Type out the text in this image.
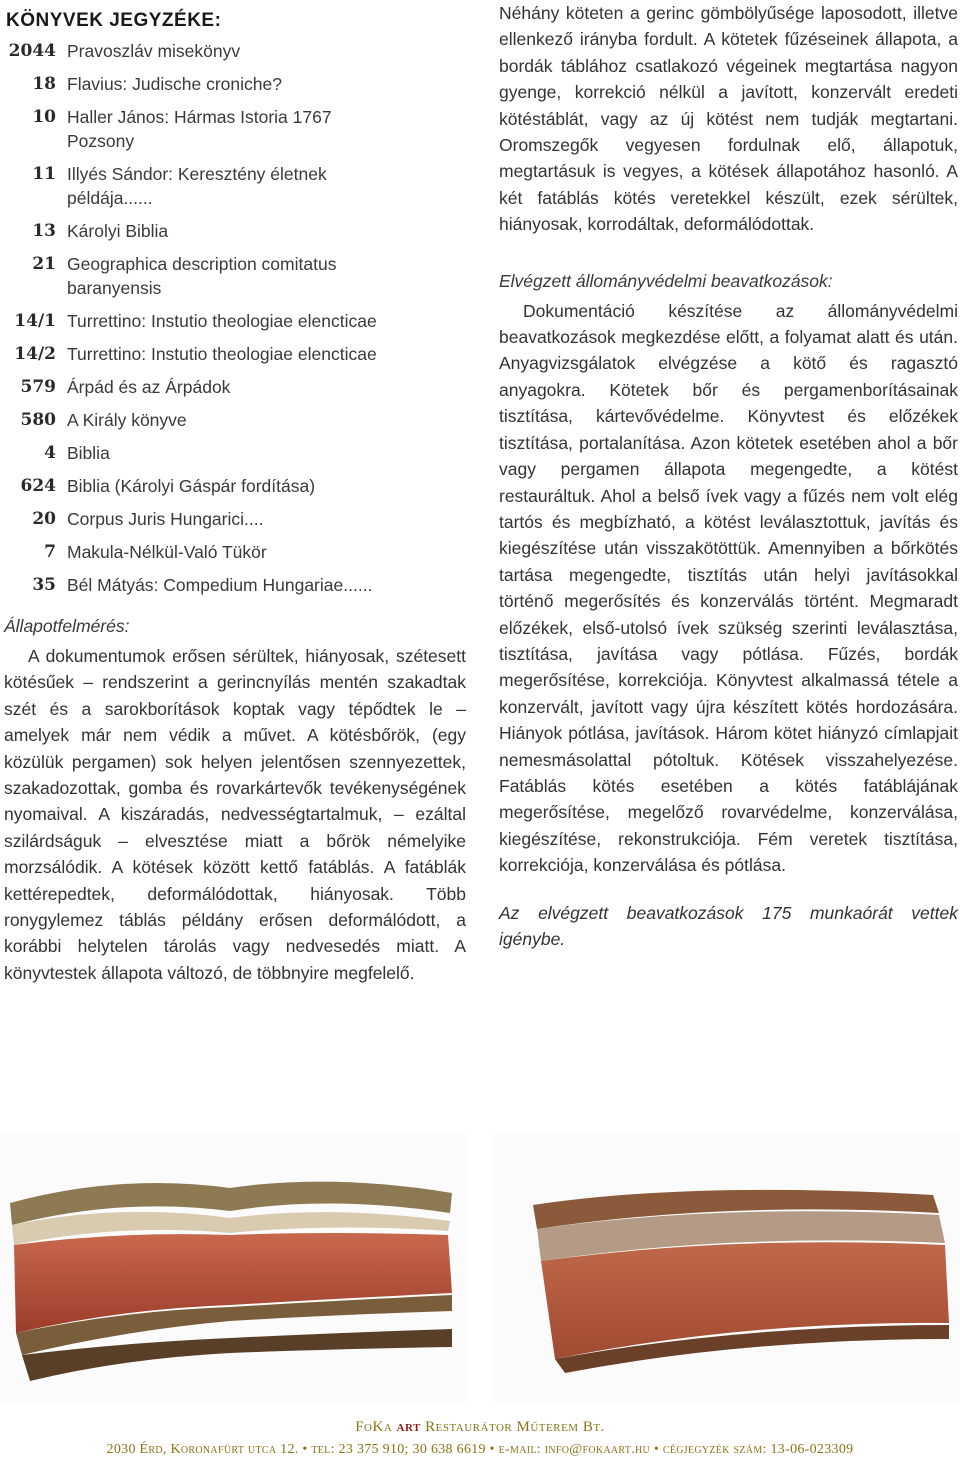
KÖNYVEK JEGYZÉKE:
2044 Pravoszláv misekönyv
18 Flavius: Judische croniche?
10 Haller János: Hármas Istoria 1767 Pozsony
11 Illyés Sándor: Keresztény életnek példája......
13 Károlyi Biblia
21 Geographica description comitatus baranyensis
14/1 Turrettino: Instutio theologiae elencticae
14/2 Turrettino: Instutio theologiae elencticae
579 Árpád és az Árpádok
580 A Király könyve
4 Biblia
624 Biblia (Károlyi Gáspár fordítása)
20 Corpus Juris Hungarici....
7 Makula-Nélkül-Való Tükör
35 Bél Mátyás: Compedium Hungariae......

Állapotfelmérés:

A dokumentumok erősen sérültek, hiányosak, szétesett kötésűek – rendszerint a gerincnyílás mentén szakadtak szét és a sarokborítások koptak vagy tépődtek le – amelyek már nem védik a művet. A kötésbőrök, (egy közülük pergamen) sok helyen jelentősen szennyezettek, szakadozottak, gomba és rovarkártevők tevékenységének nyomaival. A kiszáradás, nedvességtartalmuk, – ezáltal szilárdságuk – elvesztése miatt a bőrök némelyike morzsálódik. A kötések között kettő fatáblás. A fatáblák kettérepedtek, deformálódottak, hiányosak. Több ronygylemez táblás példány erősen deformálódott, a korábbi helytelen tárolás vagy nedvesedés miatt. A könyvtestek állapota változó, de többnyire megfelelő.

Néhány köteten a gerinc gömbölyűsége laposodott, illetve ellenkező irányba fordult. A kötetek fűzéseinek állapota, a bordák táblához csatlakozó végeinek megtartása nagyon gyenge, korrekció nélkül a javított, konzervált eredeti kötéstáblát, vagy az új kötést nem tudják megtartani. Oromszegők vegyesen fordulnak elő, állapotuk, megtartásuk is vegyes, a kötések állapotához hasonló. A két fatáblás kötés veretekkel készült, ezek sérültek, hiányosak, korrodáltak, deformálódottak.

Elvégzett állományvédelmi beavatkozások:

Dokumentáció készítése az állományvédelmi beavatkozások megkezdése előtt, a folyamat alatt és után. Anyagvizsgálatok elvégzése a kötő és ragasztó anyagokra. Kötetek bőr és pergamenborításainak tisztítása, kártevővédelme. Könyvtest és előzékek tisztítása, portalanítása. Azon kötetek esetében ahol a bőr vagy pergamen állapota megengedte, a kötést restauráltuk. Ahol a belső ívek vagy a fűzés nem volt elég tartós és megbízható, a kötést leválasztottuk, javítás és kiegészítése után visszakötöttük. Amennyiben a bőrkötés tartása megengedte, tisztítás után helyi javításokkal történő megerősítés és konzerválás történt. Megmaradt előzékek, első-utolsó ívek szükség szerinti leválasztása, tisztítása, javítása vagy pótlása. Fűzés, bordák megerősítése, korrekciója. Könyvtest alkalmassá tétele a konzervált, javított vagy újra készített kötés hordozására. Hiányok pótlása, javítások. Három kötet hiányzó címlapjait nemesmásolattal pótoltuk. Kötések visszahelyezése. Fatáblás kötés esetében a kötés fatáblájának megerősítése, megelőző rovarvédelme, konzerválása, kiegészítése, rekonstrukciója. Fém veretek tisztítása, korrekciója, konzerválása és pótlása.

Az elvégzett beavatkozások 175 munkaórát vettek igénybe.

FoKa art Restaurátor Műterem Bt.
2030 Érd, Koronafürt utca 12. • tel: 23 375 910; 30 638 6619 • e-mail: info@fokaart.hu • cégjegyzék szám: 13-06-023309
